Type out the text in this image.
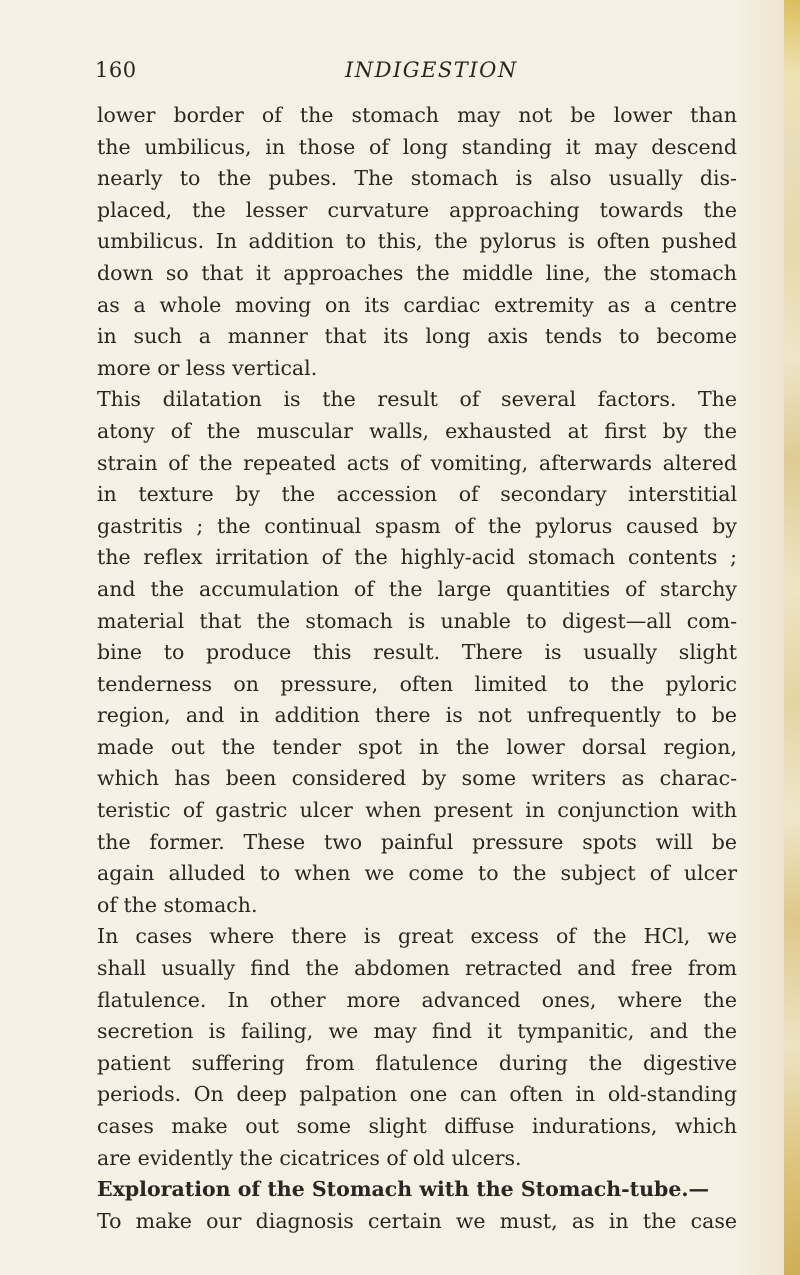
160	INDIGESTION
lower border of the stomach may not be lower than
the umbilicus, in those of long standing it may descend
nearly to the pubes. The stomach is also usually dis-
placed, the lesser curvature approaching towards the
umbilicus. In addition to this, the pylorus is often pushed
down so that it approaches the middle line, the stomach
as a whole moving on its cardiac extremity as a centre
in such a manner that its long axis tends to become
more or less vertical.
This dilatation is the result of several factors. The
atony of the muscular walls, exhausted at first by the
strain of the repeated acts of vomiting, afterwards altered
in texture by the accession of secondary interstitial
gastritis ; the continual spasm of the pylorus caused by
the reflex irritation of the highly-acid stomach contents ;
and the accumulation of the large quantities of starchy
material that the stomach is unable to digest—all com-
bine to produce this result. There is usually slight
tenderness on pressure, often limited to the pyloric
region, and in addition there is not unfrequently to be
made out the tender spot in the lower dorsal region,
which has been considered by some writers as charac-
teristic of gastric ulcer when present in conjunction with
the former. These two painful pressure spots will be
again alluded to when we come to the subject of ulcer
of the stomach.
In cases where there is great excess of the HCl, we
shall usually find the abdomen retracted and free from
flatulence. In other more advanced ones, where the
secretion is failing, we may find it tympanitic, and the
patient suffering from flatulence during the digestive
periods. On deep palpation one can often in old-standing
cases make out some slight diffuse indurations, which
are evidently the cicatrices of old ulcers.
Exploration of the Stomach with the Stomach-tube.—
To make our diagnosis certain we must, as in the case
